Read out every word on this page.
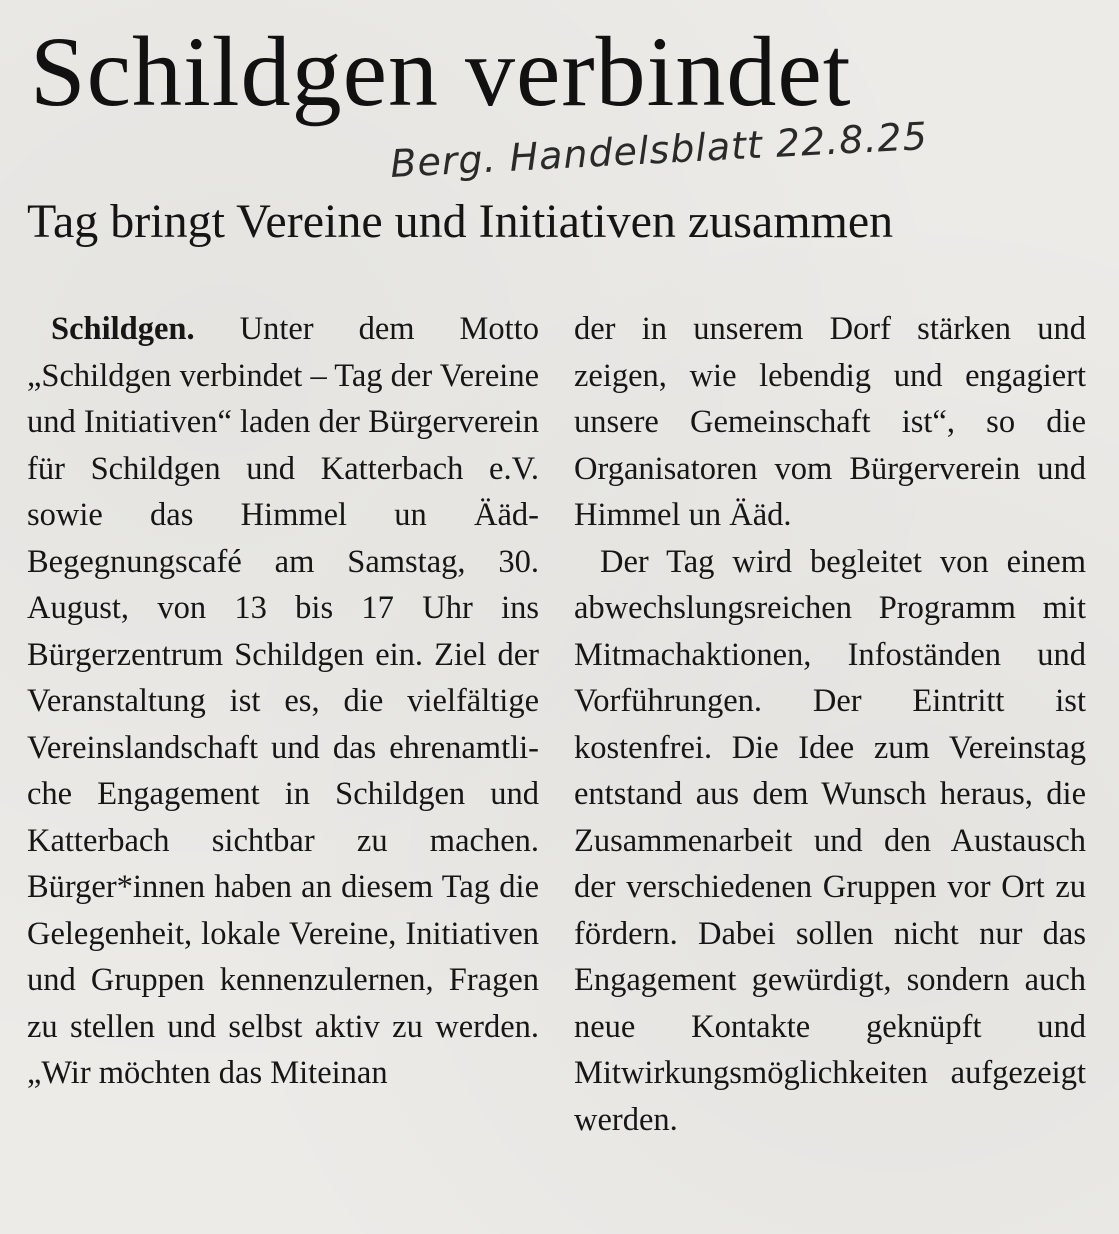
Schildgen verbindet
Berg. Handelsblatt 22.8.25
Tag bringt Vereine und Initiativen zusammen

Schildgen. Unter dem Motto „Schildgen verbindet – Tag der Vereine und Initiativen“ laden der Bürgerverein für Schildgen und Katterbach e.V. sowie das Himmel un Ääd-Begegnungscafé am Samstag, 30. August, von 13 bis 17 Uhr ins Bürgerzentrum Schildgen ein. Ziel der Veranstaltung ist es, die vielfältige Vereinslandschaft und das ehrenamtliche Engagement in Schildgen und Katterbach sichtbar zu machen. Bürger*innen haben an diesem Tag die Gelegenheit, lokale Vereine, Initiativen und Gruppen kennenzulernen, Fragen zu stellen und selbst aktiv zu werden. „Wir möchten das Miteinan

der in unserem Dorf stärken und zeigen, wie lebendig und engagiert unsere Gemeinschaft ist“, so die Organisatoren vom Bürgerverein und Himmel un Ääd.

Der Tag wird begleitet von einem abwechslungsreichen Programm mit Mitmachaktionen, Infoständen und Vorführungen. Der Eintritt ist kostenfrei. Die Idee zum Vereinstag entstand aus dem Wunsch heraus, die Zusammenarbeit und den Austausch der verschiedenen Gruppen vor Ort zu fördern. Dabei sollen nicht nur das Engagement gewürdigt, sondern auch neue Kontakte geknüpft und Mitwirkungsmöglichkeiten aufgezeigt werden.
